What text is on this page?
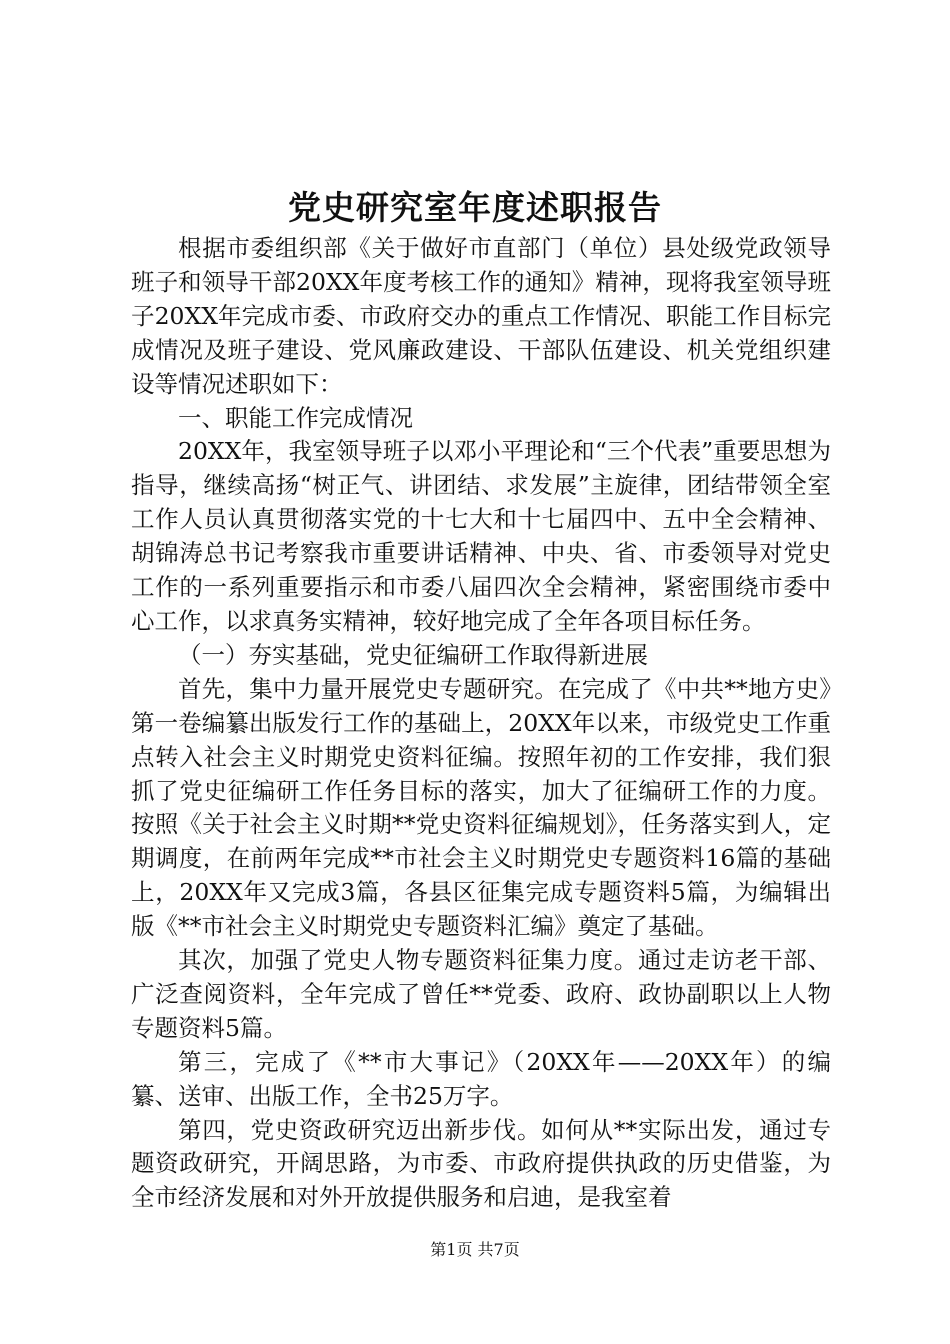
党史研究室年度述职报告

根据市委组织部《关于做好市直部门（单位）县处级党政领导班子和领导干部20XX年度考核工作的通知》精神，现将我室领导班子20XX年完成市委、市政府交办的重点工作情况、职能工作目标完成情况及班子建设、党风廉政建设、干部队伍建设、机关党组织建设等情况述职如下：

一、职能工作完成情况

20XX年，我室领导班子以邓小平理论和“三个代表”重要思想为指导，继续高扬“树正气、讲团结、求发展”主旋律，团结带领全室工作人员认真贯彻落实党的十七大和十七届四中、五中全会精神、胡锦涛总书记考察我市重要讲话精神、中央、省、市委领导对党史工作的一系列重要指示和市委八届四次全会精神，紧密围绕市委中心工作，以求真务实精神，较好地完成了全年各项目标任务。

（一）夯实基础，党史征编研工作取得新进展

首先，集中力量开展党史专题研究。在完成了《中共**地方史》第一卷编纂出版发行工作的基础上，20XX年以来，市级党史工作重点转入社会主义时期党史资料征编。按照年初的工作安排，我们狠抓了党史征编研工作任务目标的落实，加大了征编研工作的力度。按照《关于社会主义时期**党史资料征编规划》，任务落实到人，定期调度，在前两年完成**市社会主义时期党史专题资料16篇的基础上，20XX年又完成3篇，各县区征集完成专题资料5篇，为编辑出版《**市社会主义时期党史专题资料汇编》奠定了基础。

其次，加强了党史人物专题资料征集力度。通过走访老干部、广泛查阅资料，全年完成了曾任**党委、政府、政协副职以上人物专题资料5篇。

第三，完成了《**市大事记》（20XX年——20XX年）的编纂、送审、出版工作，全书25万字。

第四，党史资政研究迈出新步伐。如何从**实际出发，通过专题资政研究，开阔思路，为市委、市政府提供执政的历史借鉴，为全市经济发展和对外开放提供服务和启迪，是我室着

第1页 共7页
